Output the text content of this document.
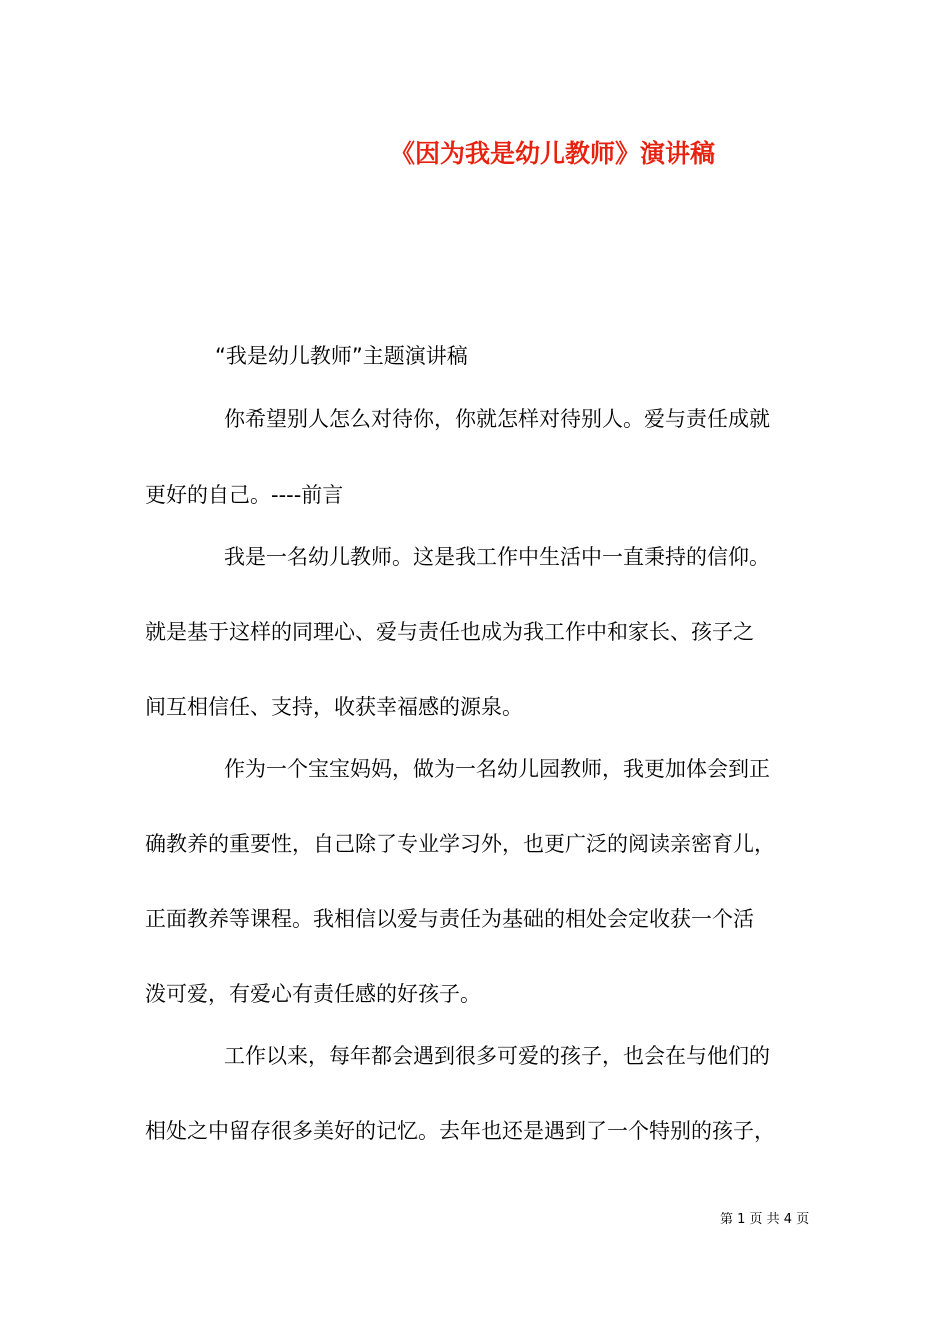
《因为我是幼儿教师》演讲稿
“我是幼儿教师”主题演讲稿
你希望别人怎么对待你，你就怎样对待别人。爱与责任成就
更好的自己。----前言
我是一名幼儿教师。这是我工作中生活中一直秉持的信仰。
就是基于这样的同理心、爱与责任也成为我工作中和家长、孩子之
间互相信任、支持，收获幸福感的源泉。
作为一个宝宝妈妈，做为一名幼儿园教师，我更加体会到正
确教养的重要性，自己除了专业学习外，也更广泛的阅读亲密育儿，
正面教养等课程。我相信以爱与责任为基础的相处会定收获一个活
泼可爱，有爱心有责任感的好孩子。
工作以来，每年都会遇到很多可爱的孩子，也会在与他们的
相处之中留存很多美好的记忆。去年也还是遇到了一个特别的孩子，
第 1 页 共 4 页
